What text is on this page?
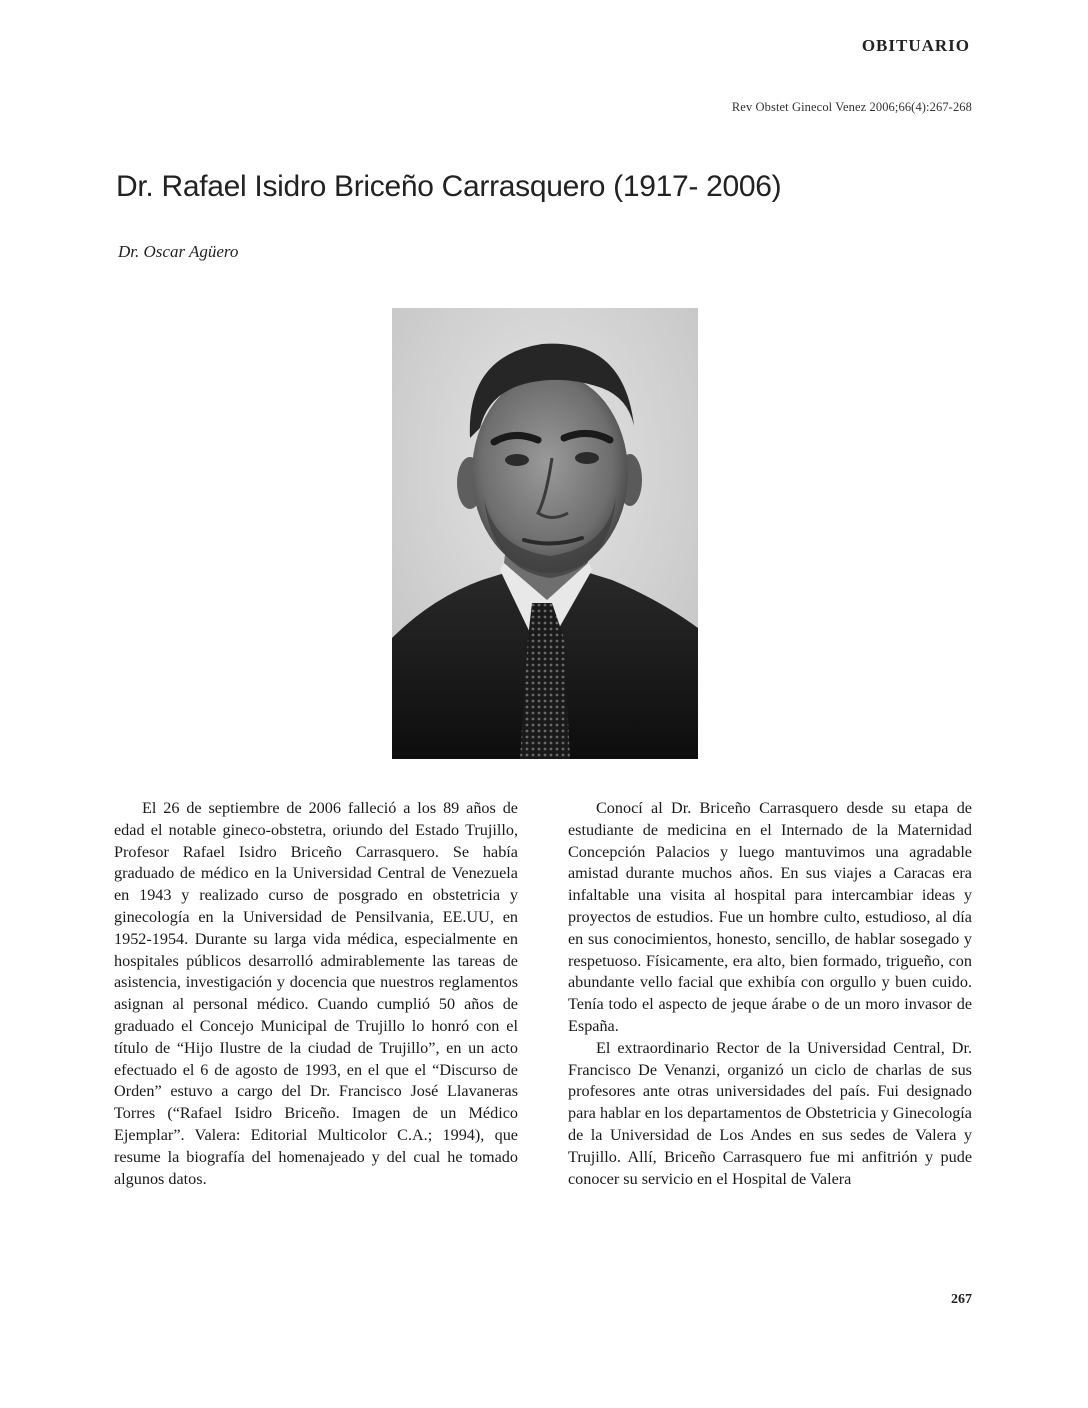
OBITUARIO
Rev Obstet Ginecol Venez 2006;66(4):267-268
Dr. Rafael Isidro Briceño Carrasquero (1917- 2006)
Dr. Oscar Agüero

El 26 de septiembre de 2006 falleció a los 89 años de edad el notable gineco-obstetra, oriundo del Estado Trujillo, Profesor Rafael Isidro Briceño Carrasquero. Se había graduado de médico en la Universidad Central de Venezuela en 1943 y realizado curso de posgrado en obstetricia y ginecología en la Universidad de Pensilvania, EE.UU, en 1952-1954. Durante su larga vida médica, especialmente en hospitales públicos desarrolló admirablemente las tareas de asistencia, investigación y docencia que nuestros reglamentos asignan al personal médico. Cuando cumplió 50 años de graduado el Concejo Municipal de Trujillo lo honró con el título de “Hijo Ilustre de la ciudad de Trujillo”, en un acto efectuado el 6 de agosto de 1993, en el que el “Discurso de Orden” estuvo a cargo del Dr. Francisco José Llavaneras Torres (“Rafael Isidro Briceño. Imagen de un Médico Ejemplar”. Valera: Editorial Multicolor C.A.; 1994), que resume la biografía del homenajeado y del cual he tomado algunos datos.

Conocí al Dr. Briceño Carrasquero desde su etapa de estudiante de medicina en el Internado de la Maternidad Concepción Palacios y luego mantuvimos una agradable amistad durante muchos años. En sus viajes a Caracas era infaltable una visita al hospital para intercambiar ideas y proyectos de estudios. Fue un hombre culto, estudioso, al día en sus conocimientos, honesto, sencillo, de hablar sosegado y respetuoso. Físicamente, era alto, bien formado, trigueño, con abundante vello facial que exhibía con orgullo y buen cuido. Tenía todo el aspecto de jeque árabe o de un moro invasor de España.

El extraordinario Rector de la Universidad Central, Dr. Francisco De Venanzi, organizó un ciclo de charlas de sus profesores ante otras universidades del país. Fui designado para hablar en los departamentos de Obstetricia y Ginecología de la Universidad de Los Andes en sus sedes de Valera y Trujillo. Allí, Briceño Carrasquero fue mi anfitrión y pude conocer su servicio en el Hospital de Valera

267
